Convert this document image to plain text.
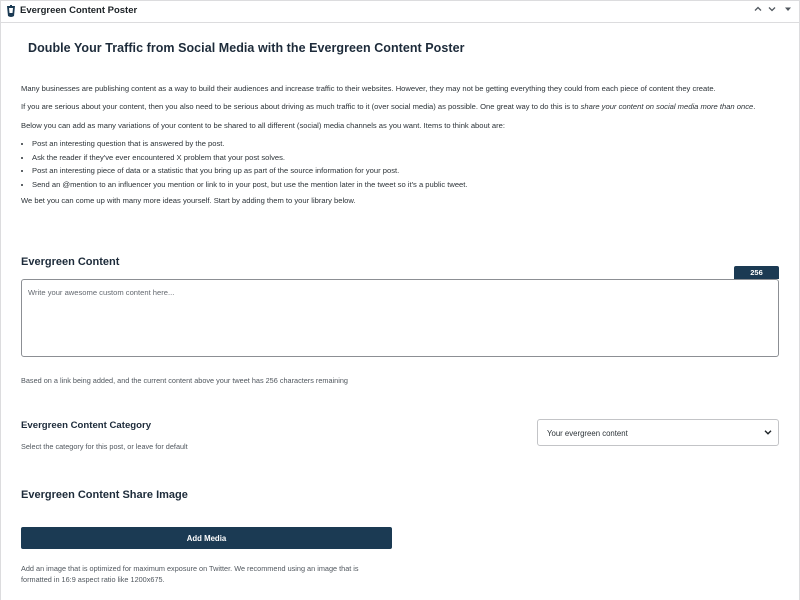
Evergreen Content Poster
Double Your Traffic from Social Media with the Evergreen Content Poster
Many businesses are publishing content as a way to build their audiences and increase traffic to their websites. However, they may not be getting everything they could from each piece of content they create.
If you are serious about your content, then you also need to be serious about driving as much traffic to it (over social media) as possible. One great way to do this is to share your content on social media more than once.
Below you can add as many variations of your content to be shared to all different (social) media channels as you want. Items to think about are:
• Post an interesting question that is answered by the post.
• Ask the reader if they've ever encountered X problem that your post solves.
• Post an interesting piece of data or a statistic that you bring up as part of the source information for your post.
• Send an @mention to an influencer you mention or link to in your post, but use the mention later in the tweet so it's a public tweet.
We bet you can come up with many more ideas yourself. Start by adding them to your library below.
Evergreen Content
256
Write your awesome custom content here...
Based on a link being added, and the current content above your tweet has 256 characters remaining
Evergreen Content Category
Select the category for this post, or leave for default
Your evergreen content
Evergreen Content Share Image
Add Media
Add an image that is optimized for maximum exposure on Twitter. We recommend using an image that is formatted in 16:9 aspect ratio like 1200x675.
